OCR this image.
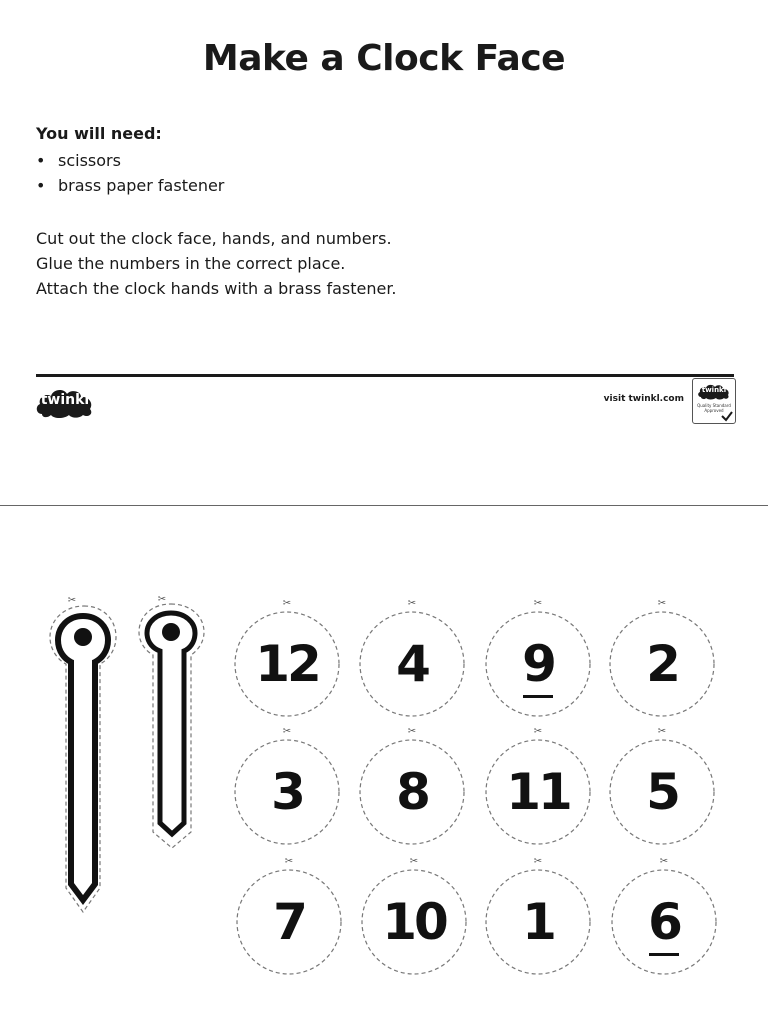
Make a Clock Face
You will need:
• scissors
• brass paper fastener
Cut out the clock face, hands, and numbers.
Glue the numbers in the correct place.
Attach the clock hands with a brass fastener.
twinkl	visit twinkl.com
twinkl
Quality Standard Approved
✂	✂	✂	✂	✂	✂
✂	✂	✂	✂
✂	✂	✂	✂
12	4	9	2
3	8	11	5
7	10	1	6
